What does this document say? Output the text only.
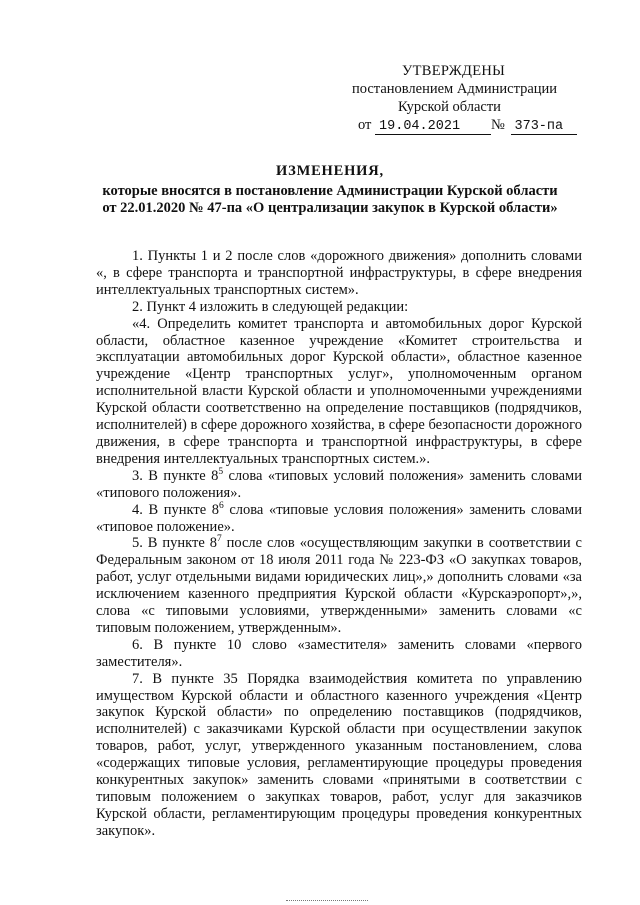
УТВЕРЖДЕНЫ
постановлением Администрации
Курской области
от 19.04.2021 № 373-па
ИЗМЕНЕНИЯ,
которые вносятся в постановление Администрации Курской области от 22.01.2020 № 47-па «О централизации закупок в Курской области»

1. Пункты 1 и 2 после слов «дорожного движения» дополнить словами «, в сфере транспорта и транспортной инфраструктуры, в сфере внедрения интеллектуальных транспортных систем».

2. Пункт 4 изложить в следующей редакции:

«4. Определить комитет транспорта и автомобильных дорог Курской области, областное казенное учреждение «Комитет строительства и эксплуатации автомобильных дорог Курской области», областное казенное учреждение «Центр транспортных услуг», уполномоченным органом исполнительной власти Курской области и уполномоченными учреждениями Курской области соответственно на определение поставщиков (подрядчиков, исполнителей) в сфере дорожного хозяйства, в сфере безопасности дорожного движения, в сфере транспорта и транспортной инфраструктуры, в сфере внедрения интеллектуальных транспортных систем.».

3. В пункте $8^5$ слова «типовых условий положения» заменить словами «типового положения».

4. В пункте $8^6$ слова «типовые условия положения» заменить словами «типовое положение».

5. В пункте $8^7$ после слов «осуществляющим закупки в соответствии с Федеральным законом от 18 июля 2011 года № 223-ФЗ «О закупках товаров, работ, услуг отдельными видами юридических лиц»,» дополнить словами «за исключением казенного предприятия Курской области «Курскаэропорт»,», слова «с типовыми условиями, утвержденными» заменить словами «с типовым положением, утвержденным».

6. В пункте 10 слово «заместителя» заменить словами «первого заместителя».

7. В пункте 35 Порядка взаимодействия комитета по управлению имуществом Курской области и областного казенного учреждения «Центр закупок Курской области» по определению поставщиков (подрядчиков, исполнителей) с заказчиками Курской области при осуществлении закупок товаров, работ, услуг, утвержденного указанным постановлением, слова «содержащих типовые условия, регламентирующие процедуры проведения конкурентных закупок» заменить словами «принятыми в соответствии с типовым положением о закупках товаров, работ, услуг для заказчиков Курской области, регламентирующим процедуры проведения конкурентных закупок».
